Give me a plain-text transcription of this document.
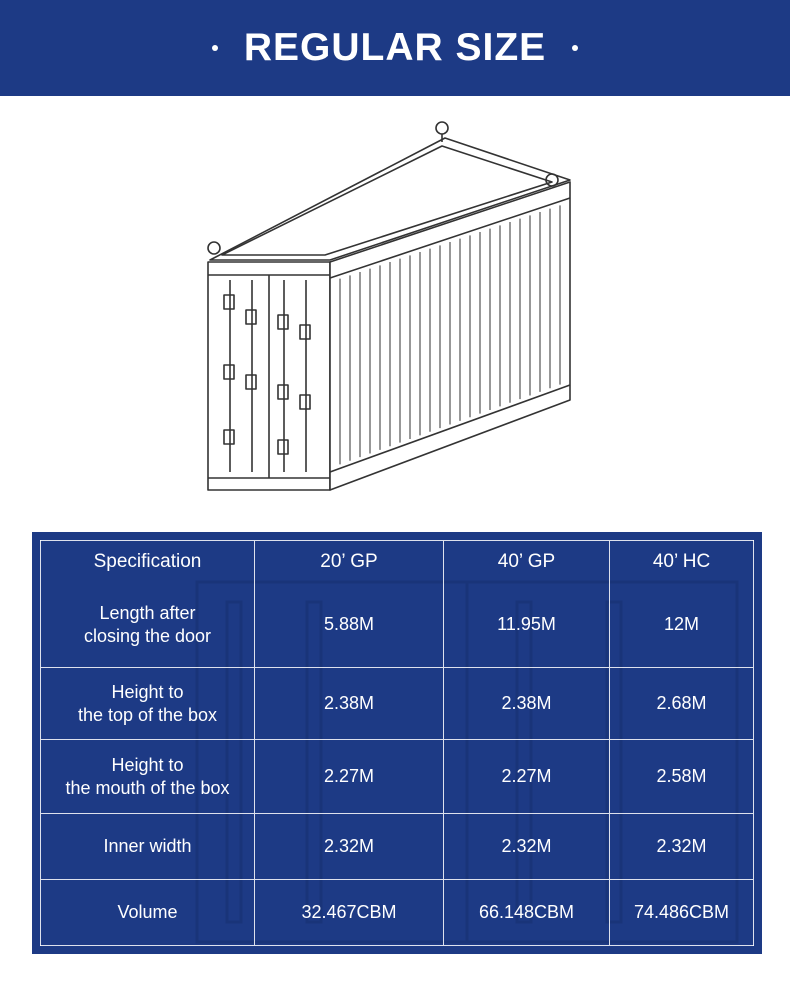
REGULAR SIZE
Specification	20’ GP	40’ GP	40’ HC
Length after
closing the door	5.88M	11.95M	12M
Height to
the top of the box	2.38M	2.38M	2.68M
Height to
the mouth of the box	2.27M	2.27M	2.58M
Inner width	2.32M	2.32M	2.32M
Volume	32.467CBM	66.148CBM	74.486CBM
